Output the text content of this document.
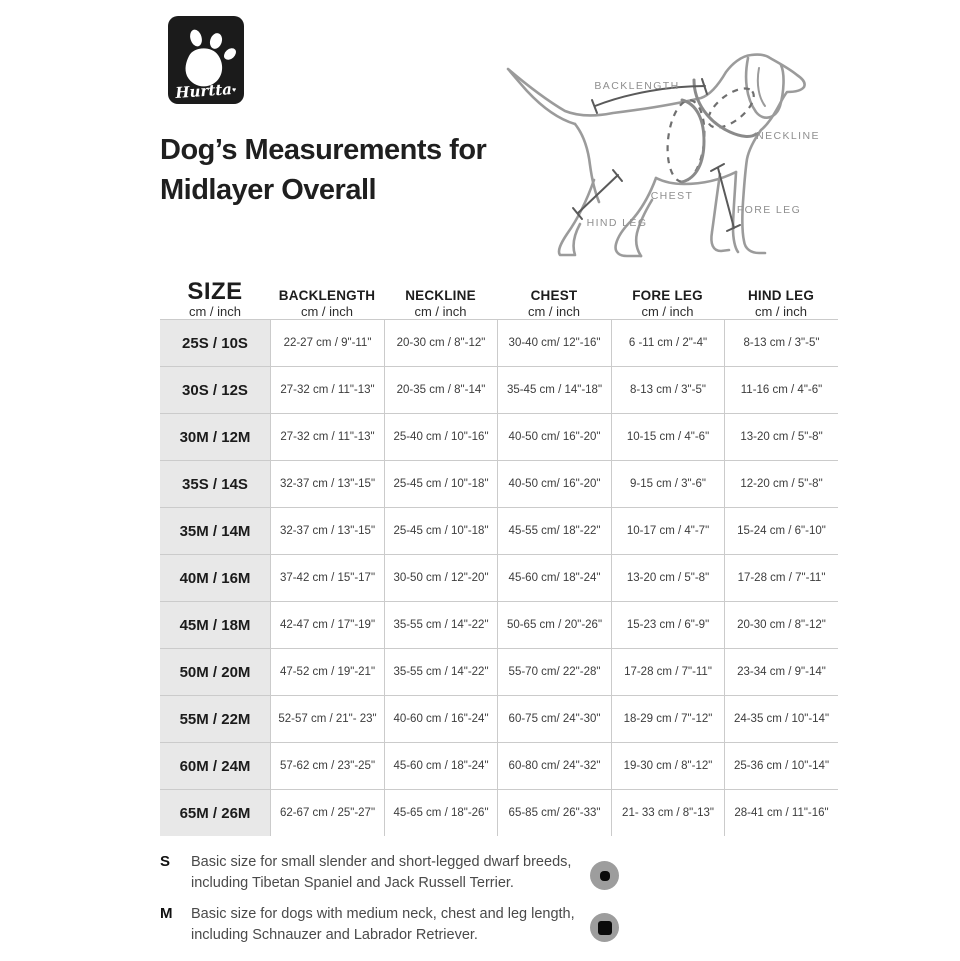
Hurtta ♥
Dog’s Measurements for
Midlayer Overall
BACKLENGTH
NECKLINE
CHEST
FORE LEG
HIND LEG
SIZE
cm / inch
BACKLENGTH
cm / inch
NECKLINE
cm / inch
CHEST
cm / inch
FORE LEG
cm / inch
HIND LEG
cm / inch
25S / 10S	22-27 cm / 9"-11"	20-30 cm / 8"-12"	30-40 cm/ 12"-16"	6 -11 cm / 2"-4"	8-13 cm / 3"-5"
30S / 12S	27-32 cm / 11"-13"	20-35 cm / 8"-14"	35-45 cm / 14"-18"	8-13 cm / 3"-5"	11-16 cm / 4"-6"
30M / 12M	27-32 cm / 11"-13"	25-40 cm / 10"-16"	40-50 cm/ 16"-20"	10-15 cm / 4"-6"	13-20 cm / 5"-8"
35S / 14S	32-37 cm / 13"-15"	25-45 cm / 10"-18"	40-50 cm/ 16"-20"	9-15 cm / 3"-6"	12-20 cm / 5"-8"
35M / 14M	32-37 cm / 13"-15"	25-45 cm / 10"-18"	45-55 cm/ 18"-22"	10-17 cm / 4"-7"	15-24 cm / 6"-10"
40M / 16M	37-42 cm / 15"-17"	30-50 cm / 12"-20"	45-60 cm/ 18"-24"	13-20 cm / 5"-8"	17-28 cm / 7"-11"
45M / 18M	42-47 cm / 17"-19"	35-55 cm / 14"-22"	50-65 cm / 20"-26"	15-23 cm / 6"-9"	20-30 cm / 8"-12"
50M / 20M	47-52 cm / 19"-21"	35-55 cm / 14"-22"	55-70 cm/ 22"-28"	17-28 cm / 7"-11"	23-34 cm / 9"-14"
55M / 22M	52-57 cm / 21"- 23"	40-60 cm / 16"-24"	60-75 cm/ 24"-30"	18-29 cm / 7"-12"	24-35 cm / 10"-14"
60M / 24M	57-62 cm / 23"-25"	45-60 cm / 18"-24"	60-80 cm/ 24"-32"	19-30 cm / 8"-12"	25-36 cm / 10"-14"
65M / 26M	62-67 cm / 25"-27"	45-65 cm / 18"-26"	65-85 cm/ 26"-33"	21- 33 cm / 8"-13"	28-41 cm / 11"-16"
S	Basic size for small slender and short-legged dwarf breeds,
including Tibetan Spaniel and Jack Russell Terrier.
M	Basic size for dogs with medium neck, chest and leg length,
including Schnauzer and Labrador Retriever.
